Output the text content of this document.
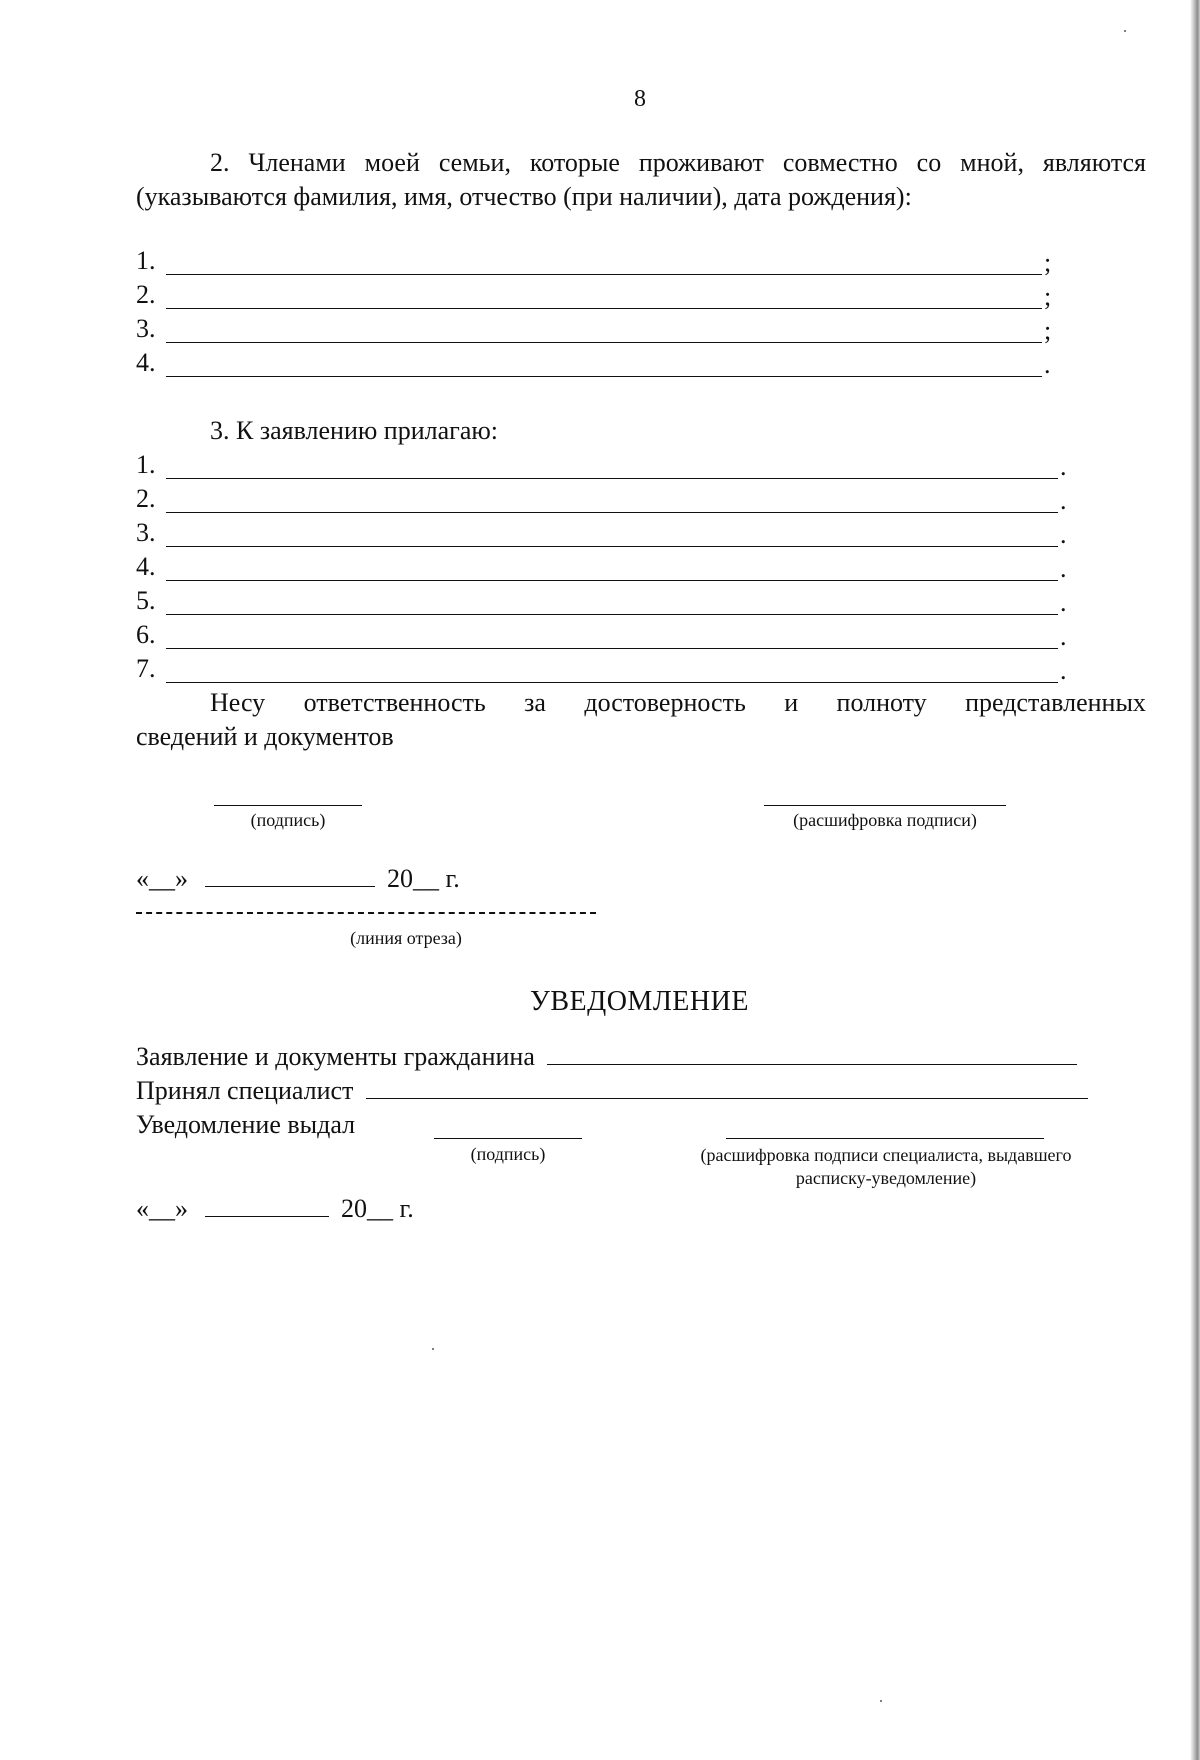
8
2. Членами моей семьи, которые проживают совместно со мной, являются
(указываются фамилия, имя, отчество (при наличии), дата рождения):
1.	;
2.	;
3.	;
4.	.
3. К заявлению прилагаю:
1.	.
2.	.
3.	.
4.	.
5.	.
6.	.
7.	.
Несу ответственность за достоверность и полноту представленных
сведений и документов
(подпись)	(расшифровка подписи)
«__»	20__ г.
(линия отреза)
УВЕДОМЛЕНИЕ
Заявление и документы гражданина
Принял специалист
Уведомление выдал
(подпись)	(расшифровка подписи специалиста, выдавшего
расписку-уведомление)
«__»	20__ г.
